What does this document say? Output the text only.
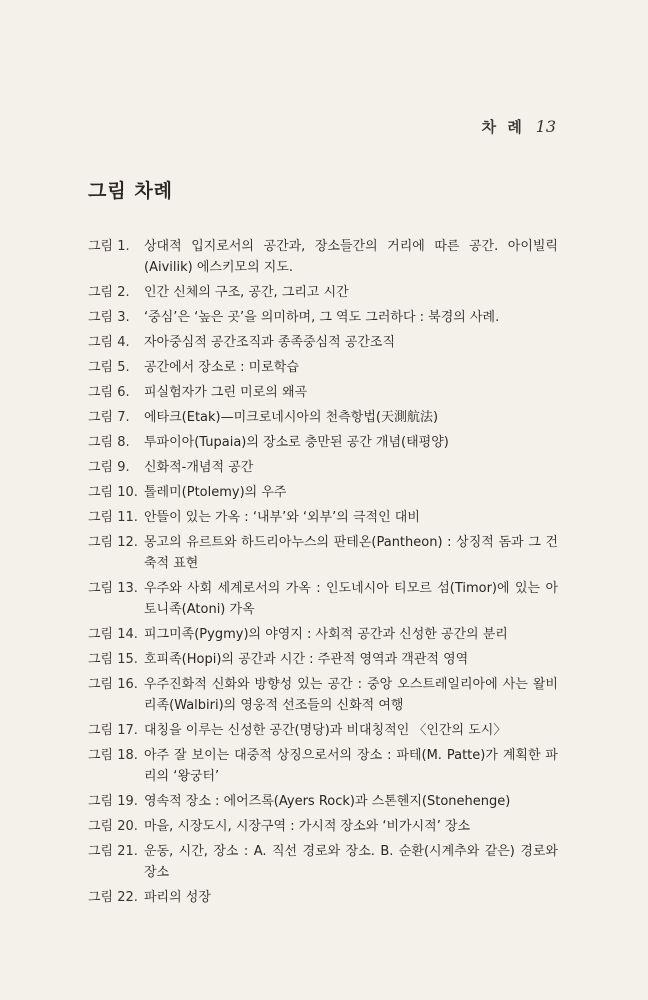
차 례 13
그림 차례
그림 1.	상대적 입지로서의 공간과, 장소들간의 거리에 따른 공간. 아이빌릭(Aivilik) 에스키모의 지도.
그림 2.	인간 신체의 구조, 공간, 그리고 시간
그림 3.	‘중심’은 ‘높은 곳’을 의미하며, 그 역도 그러하다 : 북경의 사례.
그림 4.	자아중심적 공간조직과 종족중심적 공간조직
그림 5.	공간에서 장소로 : 미로학습
그림 6.	피실험자가 그린 미로의 왜곡
그림 7.	에타크(Etak)—미크로네시아의 천측항법(天測航法)
그림 8.	투파이아(Tupaia)의 장소로 충만된 공간 개념(태평양)
그림 9.	신화적-개념적 공간
그림 10. 톨레미(Ptolemy)의 우주
그림 11. 안뜰이 있는 가옥 : ‘내부’와 ‘외부’의 극적인 대비
그림 12. 몽고의 유르트와 하드리아누스의 판테온(Pantheon) : 상징적 돔과 그 건축적 표현
그림 13. 우주와 사회 세계로서의 가옥 : 인도네시아 티모르 섬(Timor)에 있는 아토니족(Atoni) 가옥
그림 14. 피그미족(Pygmy)의 야영지 : 사회적 공간과 신성한 공간의 분리
그림 15. 호피족(Hopi)의 공간과 시간 : 주관적 영역과 객관적 영역
그림 16. 우주진화적 신화와 방향성 있는 공간 : 중앙 오스트레일리아에 사는 왈비리족(Walbiri)의 영웅적 선조들의 신화적 여행
그림 17. 대칭을 이루는 신성한 공간(명당)과 비대칭적인 〈인간의 도시〉
그림 18. 아주 잘 보이는 대중적 상징으로서의 장소 : 파테(M. Patte)가 계획한 파리의 ‘왕궁터’
그림 19. 영속적 장소 : 에어즈록(Ayers Rock)과 스톤헨지(Stonehenge)
그림 20. 마을, 시장도시, 시장구역 : 가시적 장소와 ‘비가시적’ 장소
그림 21. 운동, 시간, 장소 : A. 직선 경로와 장소. B. 순환(시계추와 같은) 경로와 장소
그림 22. 파리의 성장
